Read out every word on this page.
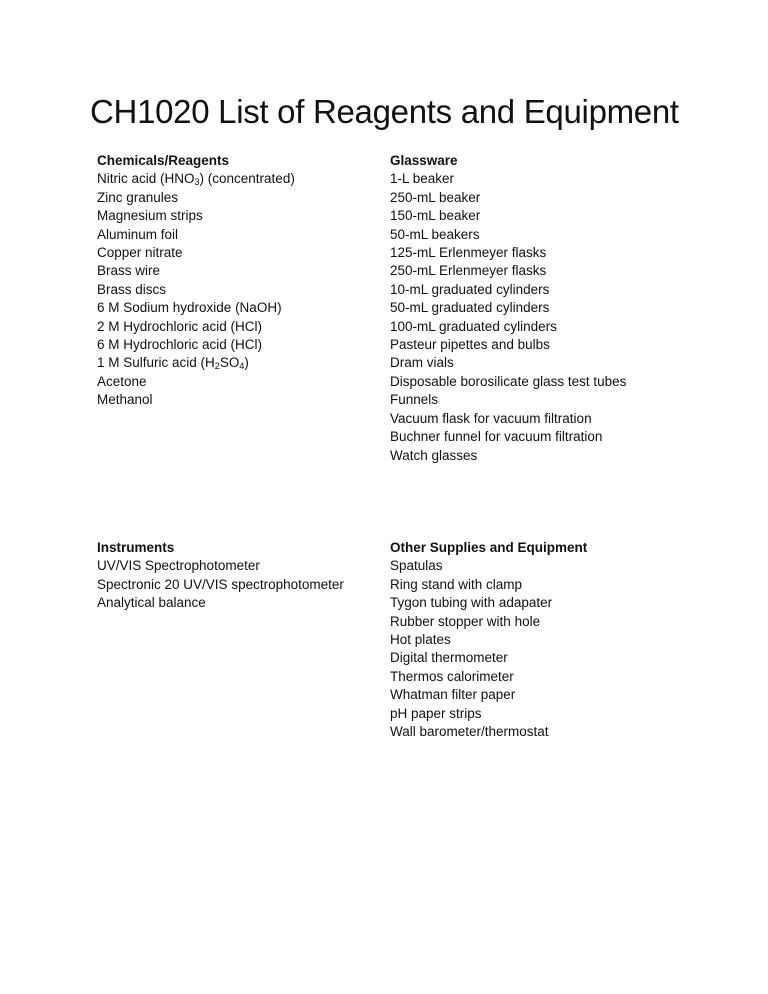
CH1020 List of Reagents and Equipment
Chemicals/Reagents
Nitric acid $(HNO_3)$ (concentrated)
Zinc granules
Magnesium strips
Aluminum foil
Copper nitrate
Brass wire
Brass discs
6 M Sodium hydroxide (NaOH)
2 M Hydrochloric acid (HCl)
6 M Hydrochloric acid (HCl)
1 M Sulfuric acid $(H_2SO_4)$
Acetone
Methanol
Glassware
1-L beaker
250-mL beaker
150-mL beaker
50-mL beakers
125-mL Erlenmeyer flasks
250-mL Erlenmeyer flasks
10-mL graduated cylinders
50-mL graduated cylinders
100-mL graduated cylinders
Pasteur pipettes and bulbs
Dram vials
Disposable borosilicate glass test tubes
Funnels
Vacuum flask for vacuum filtration
Buchner funnel for vacuum filtration
Watch glasses
Instruments
UV/VIS Spectrophotometer
Spectronic 20 UV/VIS spectrophotometer
Analytical balance
Other Supplies and Equipment
Spatulas
Ring stand with clamp
Tygon tubing with adapater
Rubber stopper with hole
Hot plates
Digital thermometer
Thermos calorimeter
Whatman filter paper
pH paper strips
Wall barometer/thermostat
